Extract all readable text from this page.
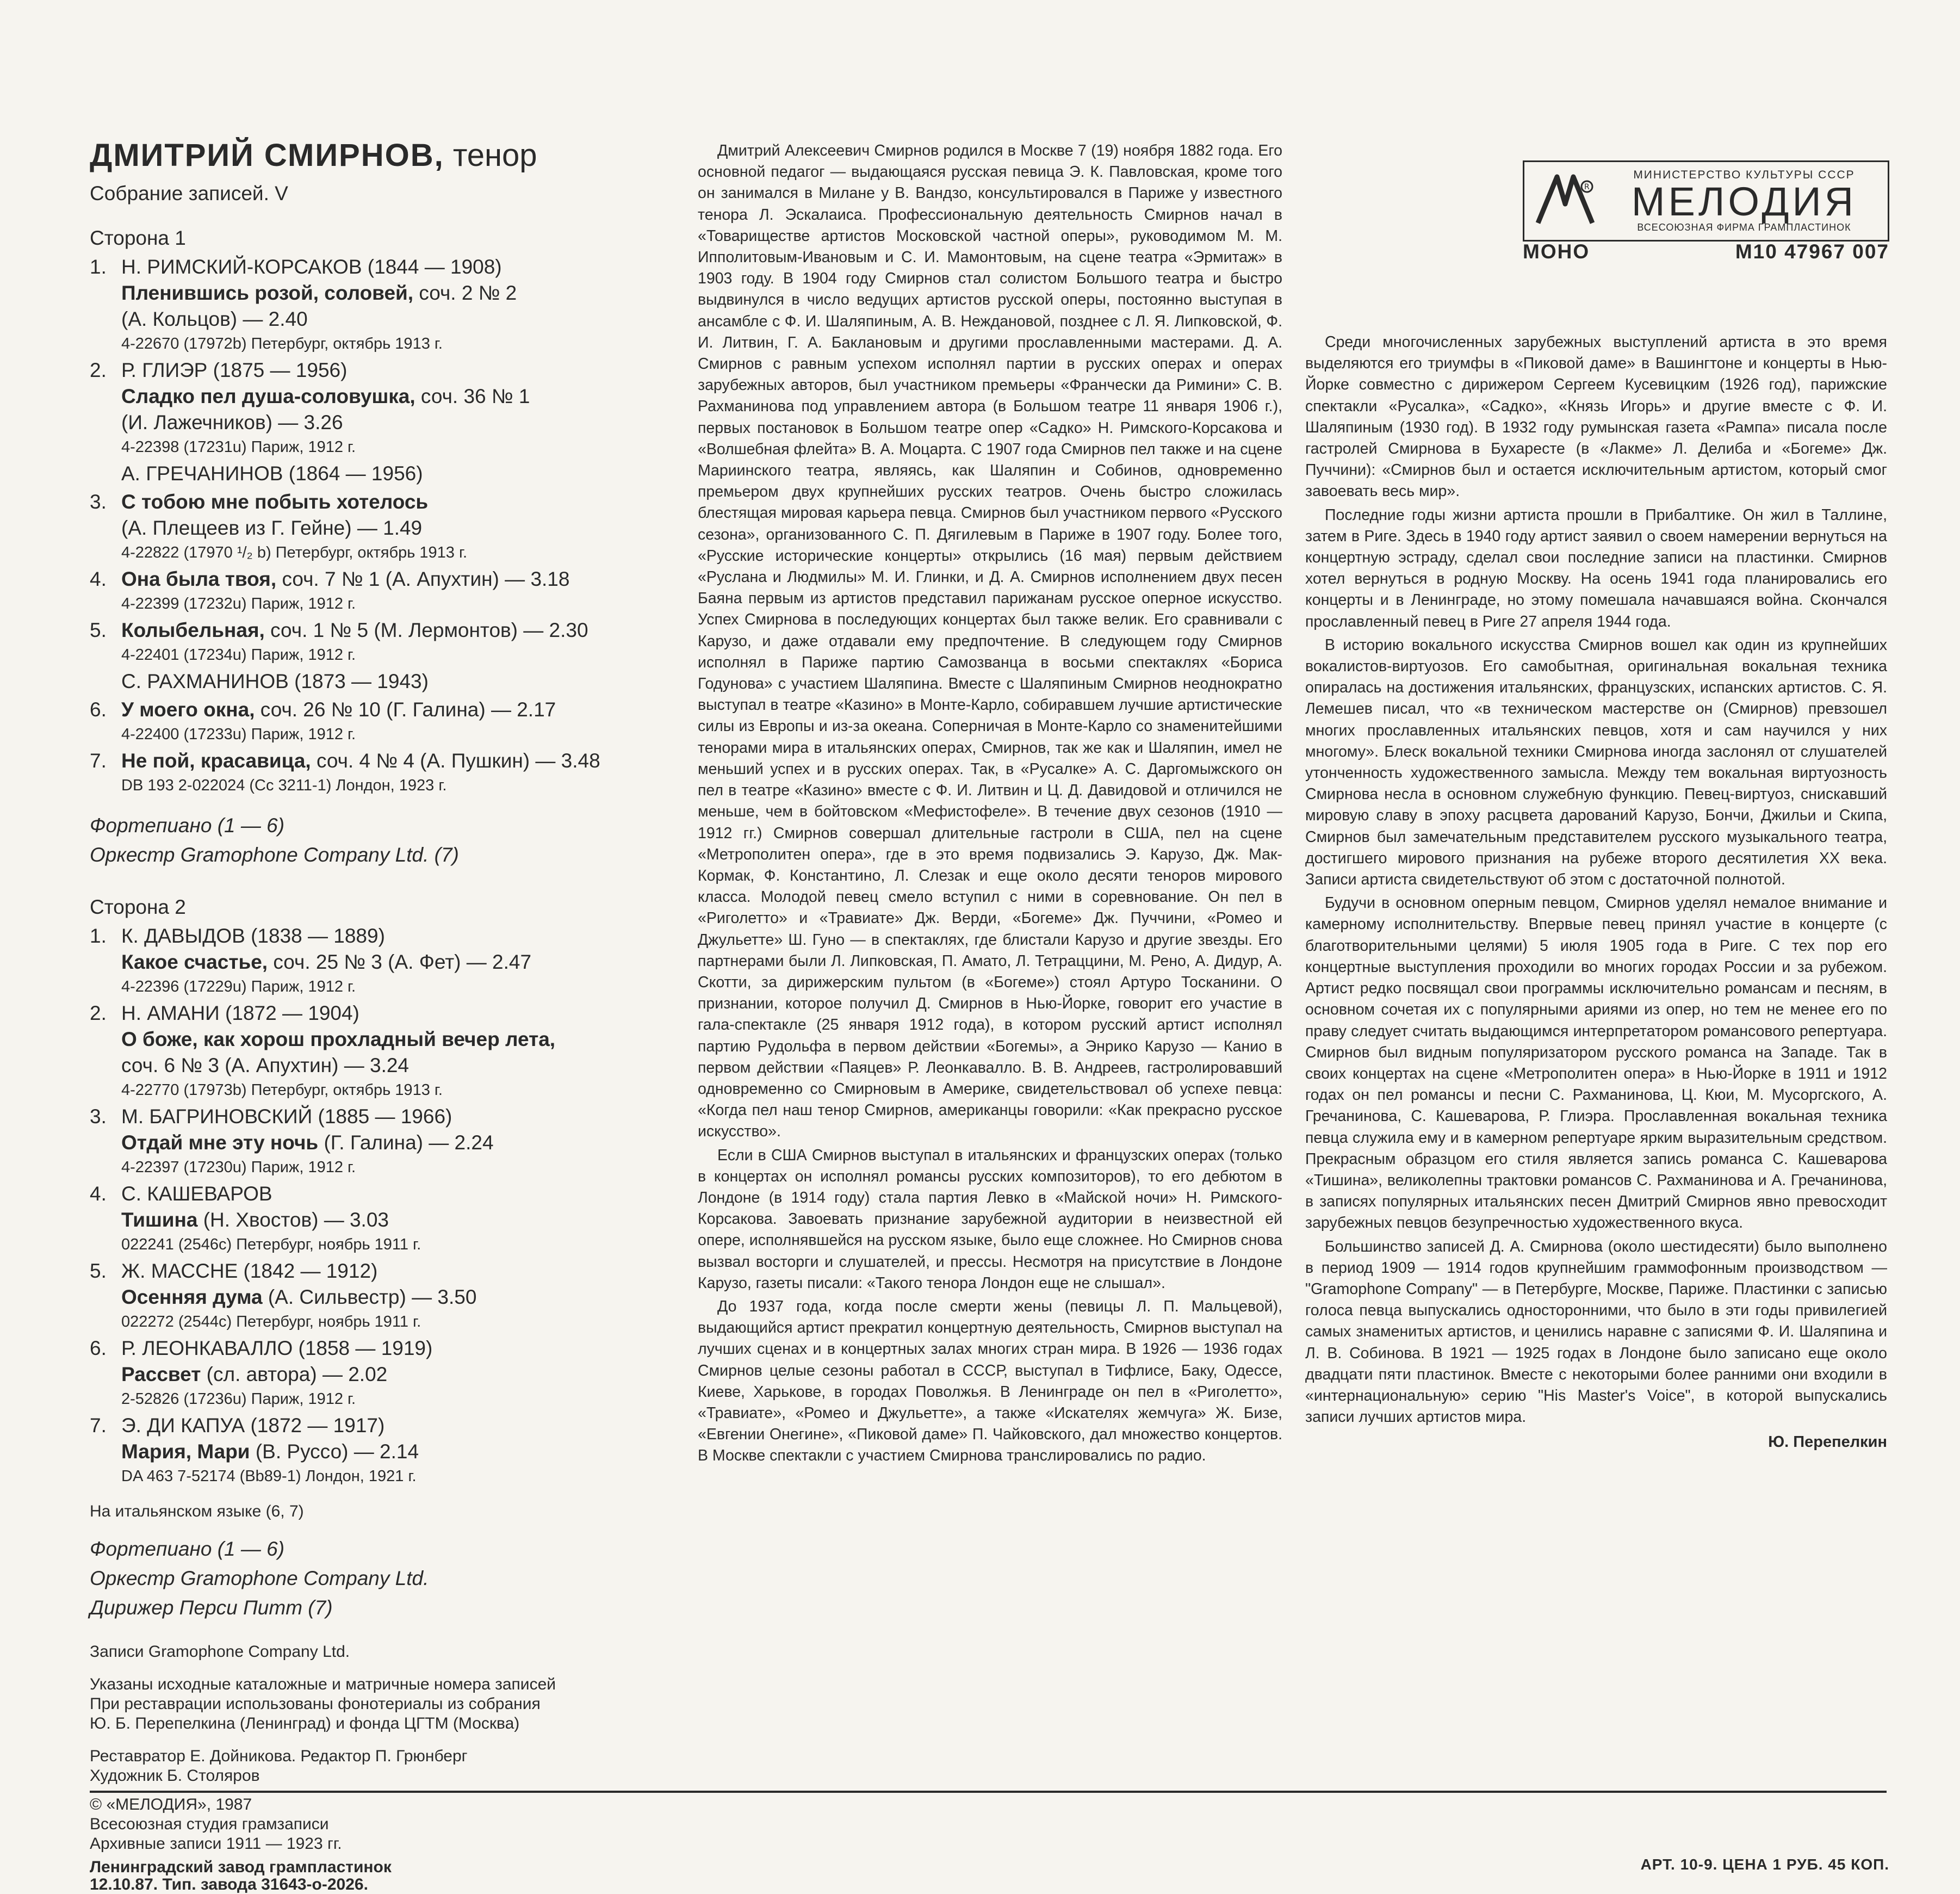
ДМИТРИЙ СМИРНОВ, тенор
Собрание записей. V
Сторона 1
1. Н. РИМСКИЙ-КОРСАКОВ (1844 — 1908)
Пленившись розой, соловей, соч. 2 № 2
(А. Кольцов) — 2.40
4-22670 (17972b) Петербург, октябрь 1913 г.
2. Р. ГЛИЭР (1875 — 1956)
Сладко пел душа-соловушка, соч. 36 № 1
(И. Лажечников) — 3.26
4-22398 (17231u) Париж, 1912 г.
А. ГРЕЧАНИНОВ (1864 — 1956)
3. С тобою мне побыть хотелось
(А. Плещеев из Г. Гейне) — 1.49
4-22822 (17970 ¹/₂ b) Петербург, октябрь 1913 г.
4. Она была твоя, соч. 7 № 1 (А. Апухтин) — 3.18
4-22399 (17232u) Париж, 1912 г.
5. Колыбельная, соч. 1 № 5 (М. Лермонтов) — 2.30
4-22401 (17234u) Париж, 1912 г.
С. РАХМАНИНОВ (1873 — 1943)
6. У моего окна, соч. 26 № 10 (Г. Галина) — 2.17
4-22400 (17233u) Париж, 1912 г.
7. Не пой, красавица, соч. 4 № 4 (А. Пушкин) — 3.48
DB 193 2-022024 (Cc 3211-1) Лондон, 1923 г.
Фортепиано (1 — 6)
Оркестр Gramophone Company Ltd. (7)
Сторона 2
1. К. ДАВЫДОВ (1838 — 1889)
Какое счастье, соч. 25 № 3 (А. Фет) — 2.47
4-22396 (17229u) Париж, 1912 г.
2. Н. АМАНИ (1872 — 1904)
О боже, как хорош прохладный вечер лета,
соч. 6 № 3 (А. Апухтин) — 3.24
4-22770 (17973b) Петербург, октябрь 1913 г.
3. М. БАГРИНОВСКИЙ (1885 — 1966)
Отдай мне эту ночь (Г. Галина) — 2.24
4-22397 (17230u) Париж, 1912 г.
4. С. КАШЕВАРОВ
Тишина (Н. Хвостов) — 3.03
022241 (2546c) Петербург, ноябрь 1911 г.
5. Ж. МАССНЕ (1842 — 1912)
Осенняя дума (А. Сильвестр) — 3.50
022272 (2544c) Петербург, ноябрь 1911 г.
6. Р. ЛЕОНКАВАЛЛО (1858 — 1919)
Рассвет (сл. автора) — 2.02
2-52826 (17236u) Париж, 1912 г.
7. Э. ДИ КАПУА (1872 — 1917)
Мария, Мари (В. Руссо) — 2.14
DA 463 7-52174 (Bb89-1) Лондон, 1921 г.
На итальянском языке (6, 7)
Фортепиано (1 — 6)
Оркестр Gramophone Company Ltd.
Дирижер Перси Питт (7)
Записи Gramophone Company Ltd.
Указаны исходные каталожные и матричные номера записей
При реставрации использованы фонотериалы из собрания
Ю. Б. Перепелкина (Ленинград) и фонда ЦГТМ (Москва)
Реставратор Е. Дойникова. Редактор П. Грюнберг
Художник Б. Столяров

Дмитрий Алексеевич Смирнов родился в Москве 7 (19) ноября 1882 года. Его основной педагог — выдающаяся русская певица Э. К. Павловская, кроме того он занимался в Милане у В. Вандзо, консультировался в Париже у известного тенора Л. Эскалаиса. Профессиональную деятельность Смирнов начал в «Товариществе артистов Московской частной оперы», руководимом М. М. Ипполитовым-Ивановым и С. И. Мамонтовым, на сцене театра «Эрмитаж» в 1903 году. В 1904 году Смирнов стал солистом Большого театра и быстро выдвинулся в число ведущих артистов русской оперы, постоянно выступая в ансамбле с Ф. И. Шаляпиным, А. В. Неждановой, позднее с Л. Я. Липковской, Ф. И. Литвин, Г. А. Баклановым и другими прославленными мастерами. Д. А. Смирнов с равным успехом исполнял партии в русских операх и операх зарубежных авторов, был участником премьеры «Франчески да Римини» С. В. Рахманинова под управлением автора (в Большом театре 11 января 1906 г.), первых постановок в Большом театре опер «Садко» Н. Римского-Корсакова и «Волшебная флейта» В. А. Моцарта. С 1907 года Смирнов пел также и на сцене Мариинского театра, являясь, как Шаляпин и Собинов, одновременно премьером двух крупнейших русских театров. Очень быстро сложилась блестящая мировая карьера певца. Смирнов был участником первого «Русского сезона», организованного С. П. Дягилевым в Париже в 1907 году. Более того, «Русские исторические концерты» открылись (16 мая) первым действием «Руслана и Людмилы» М. И. Глинки, и Д. А. Смирнов исполнением двух песен Баяна первым из артистов представил парижанам русское оперное искусство. Успех Смирнова в последующих концертах был также велик. Его сравнивали с Карузо, и даже отдавали ему предпочтение. В следующем году Смирнов исполнял в Париже партию Самозванца в восьми спектаклях «Бориса Годунова» с участием Шаляпина. Вместе с Шаляпиным Смирнов неоднократно выступал в театре «Казино» в Монте-Карло, собиравшем лучшие артистические силы из Европы и из-за океана. Соперничая в Монте-Карло со знаменитейшими тенорами мира в итальянских операх, Смирнов, так же как и Шаляпин, имел не меньший успех и в русских операх. Так, в «Русалке» А. С. Даргомыжского он пел в театре «Казино» вместе с Ф. И. Литвин и Ц. Д. Давидовой и отличился не меньше, чем в бойтовском «Мефистофеле». В течение двух сезонов (1910 — 1912 гг.) Смирнов совершал длительные гастроли в США, пел на сцене «Метрополитен опера», где в это время подвизались Э. Карузо, Дж. Мак-Кормак, Ф. Константино, Л. Слезак и еще около десяти теноров мирового класса. Молодой певец смело вступил с ними в соревнование. Он пел в «Риголетто» и «Травиате» Дж. Верди, «Богеме» Дж. Пуччини, «Ромео и Джульетте» Ш. Гуно — в спектаклях, где блистали Карузо и другие звезды. Его партнерами были Л. Липковская, П. Амато, Л. Тетраццини, М. Рено, А. Дидур, А. Скотти, за дирижерским пультом (в «Богеме») стоял Артуро Тосканини. О признании, которое получил Д. Смирнов в Нью-Йорке, говорит его участие в гала-спектакле (25 января 1912 года), в котором русский артист исполнял партию Рудольфа в первом действии «Богемы», а Энрико Карузо — Канио в первом действии «Паяцев» Р. Леонкавалло. В. В. Андреев, гастролировавший одновременно со Смирновым в Америке, свидетельствовал об успехе певца: «Когда пел наш тенор Смирнов, американцы говорили: «Как прекрасно русское искусство».

Если в США Смирнов выступал в итальянских и французских операх (только в концертах он исполнял романсы русских композиторов), то его дебютом в Лондоне (в 1914 году) стала партия Левко в «Майской ночи» Н. Римского-Корсакова. Завоевать признание зарубежной аудитории в неизвестной ей опере, исполнявшейся на русском языке, было еще сложнее. Но Смирнов снова вызвал восторги и слушателей, и прессы. Несмотря на присутствие в Лондоне Карузо, газеты писали: «Такого тенора Лондон еще не слышал».

До 1937 года, когда после смерти жены (певицы Л. П. Мальцевой), выдающийся артист прекратил концертную деятельность, Смирнов выступал на лучших сценах и в концертных залах многих стран мира. В 1926 — 1936 годах Смирнов целые сезоны работал в СССР, выступал в Тифлисе, Баку, Одессе, Киеве, Харькове, в городах Поволжья. В Ленинграде он пел в «Риголетто», «Травиате», «Ромео и Джульетте», а также «Искателях жемчуга» Ж. Бизе, «Евгении Онегине», «Пиковой даме» П. Чайковского, дал множество концертов. В Москве спектакли с участием Смирнова транслировались по радио.

R
МИНИСТЕРСТВО КУЛЬТУРЫ СССР
МЕЛОДИЯ
ВСЕСОЮЗНАЯ ФИРМА ГРАМПЛАСТИНОК
МОНО	М10 47967 007

Среди многочисленных зарубежных выступлений артиста в это время выделяются его триумфы в «Пиковой даме» в Вашингтоне и концерты в Нью-Йорке совместно с дирижером Сергеем Кусевицким (1926 год), парижские спектакли «Русалка», «Садко», «Князь Игорь» и другие вместе с Ф. И. Шаляпиным (1930 год). В 1932 году румынская газета «Рампа» писала после гастролей Смирнова в Бухаресте (в «Лакме» Л. Делиба и «Богеме» Дж. Пуччини): «Смирнов был и остается исключительным артистом, который смог завоевать весь мир».

Последние годы жизни артиста прошли в Прибалтике. Он жил в Таллине, затем в Риге. Здесь в 1940 году артист заявил о своем намерении вернуться на концертную эстраду, сделал свои последние записи на пластинки. Смирнов хотел вернуться в родную Москву. На осень 1941 года планировались его концерты и в Ленинграде, но этому помешала начавшаяся война. Скончался прославленный певец в Риге 27 апреля 1944 года.

В историю вокального искусства Смирнов вошел как один из крупнейших вокалистов-виртуозов. Его самобытная, оригинальная вокальная техника опиралась на достижения итальянских, французских, испанских артистов. С. Я. Лемешев писал, что «в техническом мастерстве он (Смирнов) превзошел многих прославленных итальянских певцов, хотя и сам научился у них многому». Блеск вокальной техники Смирнова иногда заслонял от слушателей утонченность художественного замысла. Между тем вокальная виртуозность Смирнова несла в основном служебную функцию. Певец-виртуоз, снискавший мировую славу в эпоху расцвета дарований Карузо, Бончи, Джильи и Скипа, Смирнов был замечательным представителем русского музыкального театра, достигшего мирового признания на рубеже второго десятилетия XX века. Записи артиста свидетельствуют об этом с достаточной полнотой.

Будучи в основном оперным певцом, Смирнов уделял немалое внимание и камерному исполнительству. Впервые певец принял участие в концерте (с благотворительными целями) 5 июля 1905 года в Риге. С тех пор его концертные выступления проходили во многих городах России и за рубежом. Артист редко посвящал свои программы исключительно романсам и песням, в основном сочетая их с популярными ариями из опер, но тем не менее его по праву следует считать выдающимся интерпретатором романсового репертуара. Смирнов был видным популяризатором русского романса на Западе. Так в своих концертах на сцене «Метрополитен опера» в Нью-Йорке в 1911 и 1912 годах он пел романсы и песни С. Рахманинова, Ц. Кюи, М. Мусоргского, А. Гречанинова, С. Кашеварова, Р. Глиэра. Прославленная вокальная техника певца служила ему и в камерном репертуаре ярким выразительным средством. Прекрасным образцом его стиля является запись романса С. Кашеварова «Тишина», великолепны трактовки романсов С. Рахманинова и А. Гречанинова, в записях популярных итальянских песен Дмитрий Смирнов явно превосходит зарубежных певцов безупречностью художественного вкуса.

Большинство записей Д. А. Смирнова (около шестидесяти) было выполнено в период 1909 — 1914 годов крупнейшим граммофонным производством — "Gramophone Company" — в Петербурге, Москве, Париже. Пластинки с записью голоса певца выпускались односторонними, что было в эти годы привилегией самых знаменитых артистов, и ценились наравне с записями Ф. И. Шаляпина и Л. В. Собинова. В 1921 — 1925 годах в Лондоне было записано еще около двадцати пяти пластинок. Вместе с некоторыми более ранними они входили в «интернациональную» серию "His Master's Voice", в которой выпускались записи лучших артистов мира.

Ю. Перепелкин
© «МЕЛОДИЯ», 1987
Всесоюзная студия грамзаписи
Архивные записи 1911 — 1923 гг.
Ленинградский завод грампластинок
12.10.87. Тип. завода 31643-о-2026.
АРТ. 10-9. ЦЕНА 1 РУБ. 45 КОП.
